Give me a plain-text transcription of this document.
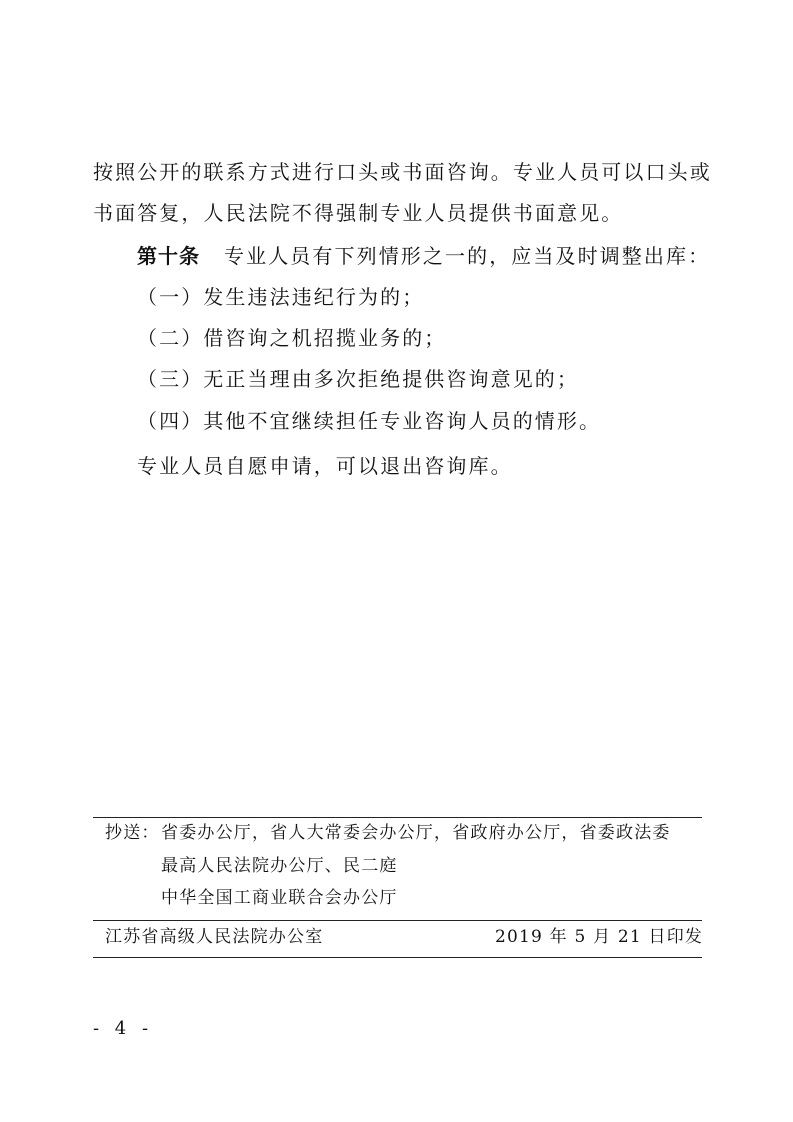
按照公开的联系方式进行口头或书面咨询。专业人员可以口头或
书面答复，人民法院不得强制专业人员提供书面意见。
第十条 专业人员有下列情形之一的，应当及时调整出库：
（一）发生违法违纪行为的；
（二）借咨询之机招揽业务的；
（三）无正当理由多次拒绝提供咨询意见的；
（四）其他不宜继续担任专业咨询人员的情形。
专业人员自愿申请，可以退出咨询库。
抄送： 省委办公厅，省人大常委会办公厅，省政府办公厅，省委政法委
最高人民法院办公厅、民二庭
中华全国工商业联合会办公厅
江苏省高级人民法院办公室	2019 年 5 月 21 日印发
- 4 -
